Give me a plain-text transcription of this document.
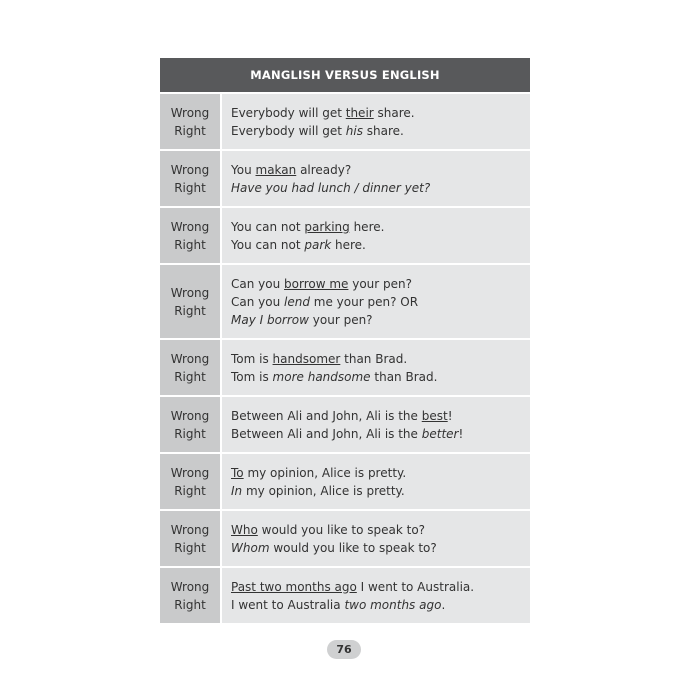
MANGLISH VERSUS ENGLISH
Wrong
Right
Everybody will get their share.
Everybody will get his share.
Wrong
Right
You makan already?
Have you had lunch / dinner yet?
Wrong
Right
You can not parking here.
You can not park here.
Wrong
Right
Can you borrow me your pen?
Can you lend me your pen? OR
May I borrow your pen?
Wrong
Right
Tom is handsomer than Brad.
Tom is more handsome than Brad.
Wrong
Right
Between Ali and John, Ali is the best!
Between Ali and John, Ali is the better!
Wrong
Right
To my opinion, Alice is pretty.
In my opinion, Alice is pretty.
Wrong
Right
Who would you like to speak to?
Whom would you like to speak to?
Wrong
Right
Past two months ago I went to Australia.
I went to Australia two months ago.
76
